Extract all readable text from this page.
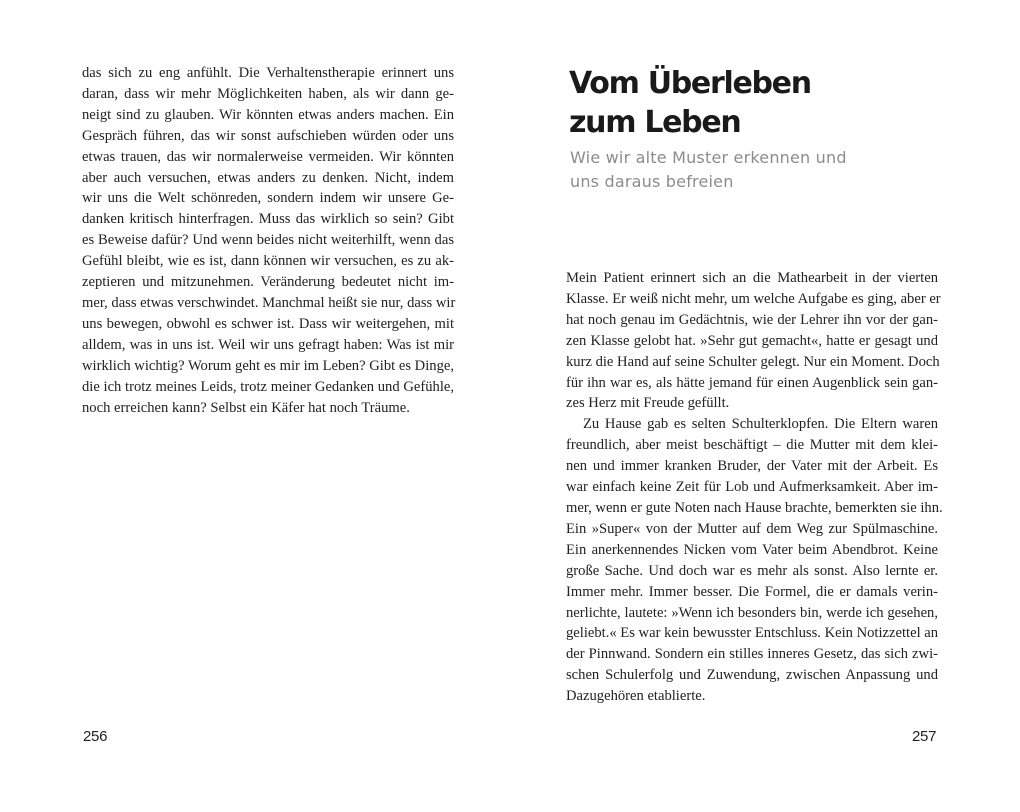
das sich zu eng anfühlt. Die Verhaltenstherapie erinnert uns
daran, dass wir mehr Möglichkeiten haben, als wir dann ge-
neigt sind zu glauben. Wir könnten etwas anders machen. Ein
Gespräch führen, das wir sonst aufschieben würden oder uns
etwas trauen, das wir normalerweise vermeiden. Wir könnten
aber auch versuchen, etwas anders zu denken. Nicht, indem
wir uns die Welt schönreden, sondern indem wir unsere Ge-
danken kritisch hinterfragen. Muss das wirklich so sein? Gibt
es Beweise dafür? Und wenn beides nicht weiterhilft, wenn das
Gefühl bleibt, wie es ist, dann können wir versuchen, es zu ak-
zeptieren und mitzunehmen. Veränderung bedeutet nicht im-
mer, dass etwas verschwindet. Manchmal heißt sie nur, dass wir
uns bewegen, obwohl es schwer ist. Dass wir weitergehen, mit
alldem, was in uns ist. Weil wir uns gefragt haben: Was ist mir
wirklich wichtig? Worum geht es mir im Leben? Gibt es Dinge,
die ich trotz meines Leids, trotz meiner Gedanken und Gefühle,
noch erreichen kann? Selbst ein Käfer hat noch Träume.
256
Vom Überleben
zum Leben
Wie wir alte Muster erkennen und
uns daraus befreien
Mein Patient erinnert sich an die Mathearbeit in der vierten
Klasse. Er weiß nicht mehr, um welche Aufgabe es ging, aber er
hat noch genau im Gedächtnis, wie der Lehrer ihn vor der gan-
zen Klasse gelobt hat. »Sehr gut gemacht«, hatte er gesagt und
kurz die Hand auf seine Schulter gelegt. Nur ein Moment. Doch
für ihn war es, als hätte jemand für einen Augenblick sein gan-
zes Herz mit Freude gefüllt.
Zu Hause gab es selten Schulterklopfen. Die Eltern waren
freundlich, aber meist beschäftigt – die Mutter mit dem klei-
nen und immer kranken Bruder, der Vater mit der Arbeit. Es
war einfach keine Zeit für Lob und Aufmerksamkeit. Aber im-
mer, wenn er gute Noten nach Hause brachte, bemerkten sie ihn.
Ein »Super« von der Mutter auf dem Weg zur Spülmaschine.
Ein anerkennendes Nicken vom Vater beim Abendbrot. Keine
große Sache. Und doch war es mehr als sonst. Also lernte er.
Immer mehr. Immer besser. Die Formel, die er damals verin-
nerlichte, lautete: »Wenn ich besonders bin, werde ich gesehen,
geliebt.« Es war kein bewusster Entschluss. Kein Notizzettel an
der Pinnwand. Sondern ein stilles inneres Gesetz, das sich zwi-
schen Schulerfolg und Zuwendung, zwischen Anpassung und
Dazugehören etablierte.
257
